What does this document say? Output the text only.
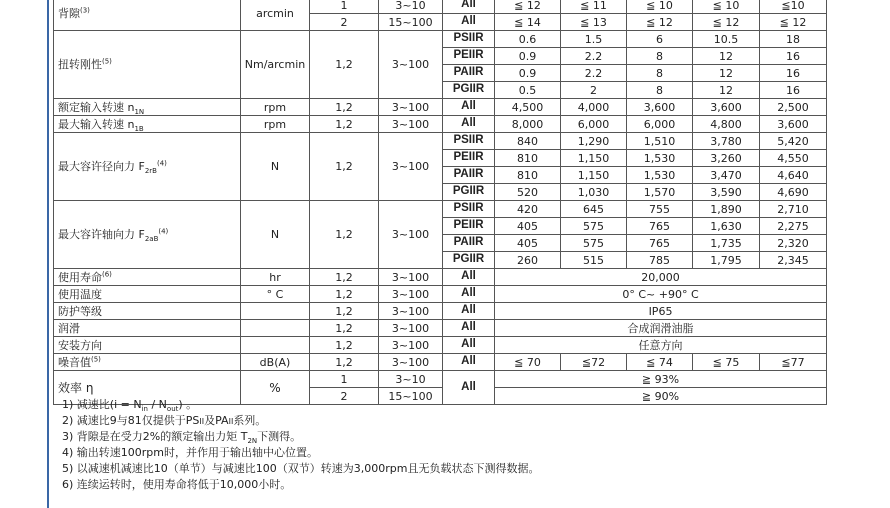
背隙$^{(3)}$	arcmin	1	3~10	All	≦ 12	≦ 11	≦ 10	≦ 10	≦10
		2	15~100	All	≦ 14	≦ 13	≦ 12	≦ 12	≦ 12
扭转刚性$^{(5)}$	Nm/arcmin	1,2	3~100	PSIIR	0.6	1.5	6	10.5	18
				PEIIR	0.9	2.2	8	12	16
				PAIIR	0.9	2.2	8	12	16
				PGIIR	0.5	2	8	12	16
额定输入转速 $n_{1N}$	rpm	1,2	3~100	All	4,500	4,000	3,600	3,600	2,500
最大输入转速 $n_{1B}$	rpm	1,2	3~100	All	8,000	6,000	6,000	4,800	3,600
最大容许径向力 $F_{2rB}^{(4)}$	N	1,2	3~100	PSIIR	840	1,290	1,510	3,780	5,420
				PEIIR	810	1,150	1,530	3,260	4,550
				PAIIR	810	1,150	1,530	3,470	4,640
				PGIIR	520	1,030	1,570	3,590	4,690
最大容许轴向力 $F_{2aB}^{(4)}$	N	1,2	3~100	PSIIR	420	645	755	1,890	2,710
				PEIIR	405	575	765	1,630	2,275
				PAIIR	405	575	765	1,735	2,320
				PGIIR	260	515	785	1,795	2,345
使用寿命$^{(6)}$	hr	1,2	3~100	All	20,000				
使用温度	° C	1,2	3~100	All	0° C~ +90° C				
防护等级		1,2	3~100	All	IP65				
润滑		1,2	3~100	All	合成润滑油脂				
安装方向		1,2	3~100	All	任意方向				
噪音值$^{(5)}$	dB(A)	1,2	3~100	All	≦ 70	≦72	≦ 74	≦ 75	≦77
效率 η	%	1	3~10	All	≧ 93%				
		2	15~100		≧ 90%				
1) 减速比$(i = N_{in} / N_{out})$ 。
2) 减速比9与81仅提供于PSII及PAII系列。
3) 背隙是在受力2%的额定输出力矩 $T_{2N}$下测得。
4) 输出转速100rpm时，并作用于输出轴中心位置。
5) 以减速机减速比10（单节）与减速比100（双节）转速为3,000rpm且无负载状态下测得数据。
6) 连续运转时，使用寿命将低于10,000小时。
